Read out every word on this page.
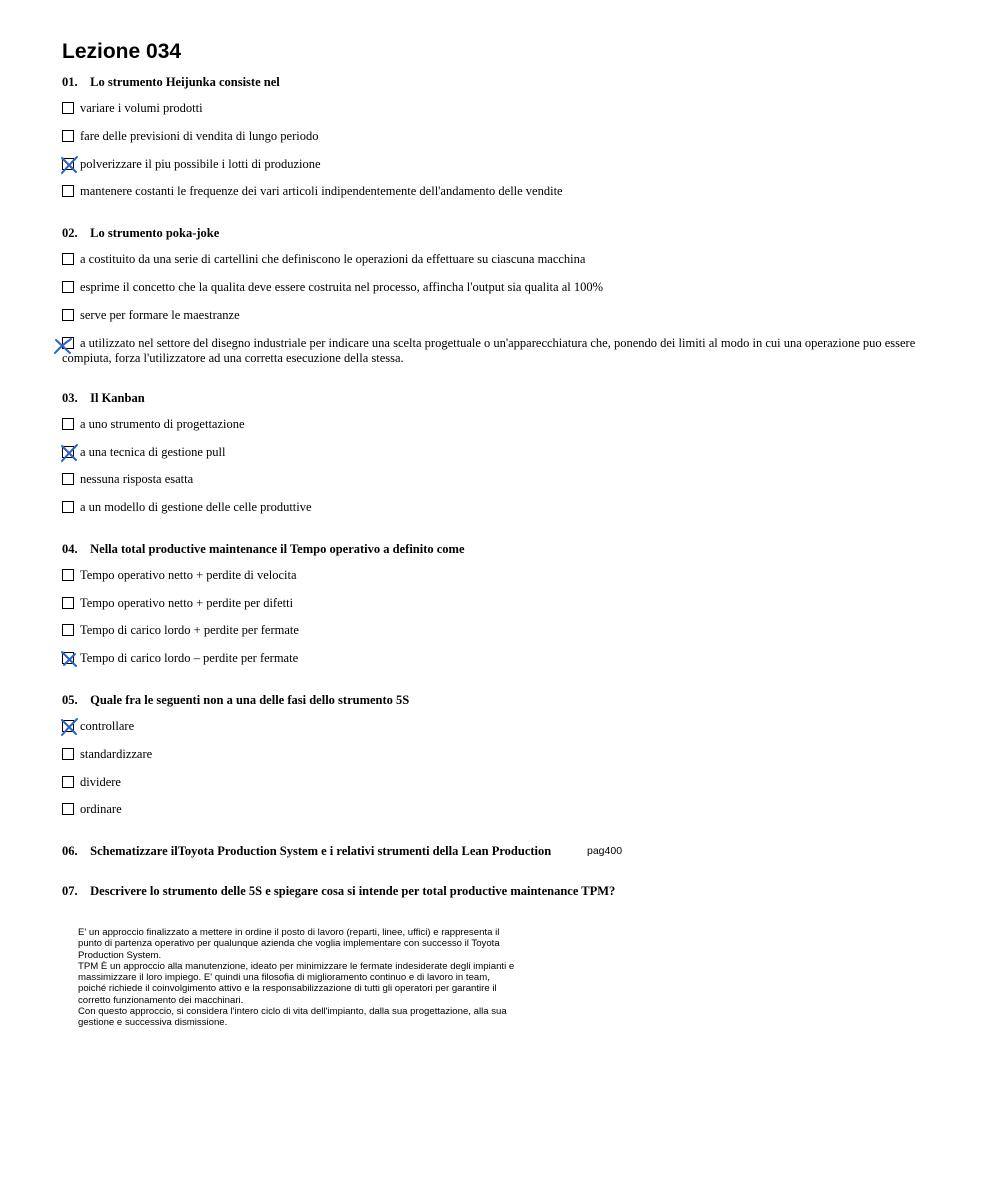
Lezione 034
01. Lo strumento Heijunka consiste nel
variare i volumi prodotti
fare delle previsioni di vendita di lungo periodo
polverizzare il piu possibile i lotti di produzione
mantenere costanti le frequenze dei vari articoli indipendentemente dell'andamento delle vendite
02. Lo strumento poka-joke
a costituito da una serie di cartellini che definiscono le operazioni da effettuare su ciascuna macchina
esprime il concetto che la qualita deve essere costruita nel processo, affincha l'output sia qualita al 100%
serve per formare le maestranze
a utilizzato nel settore del disegno industriale per indicare una scelta progettuale o un'apparecchiatura che, ponendo dei limiti al modo in cui una operazione puo essere compiuta, forza l'utilizzatore ad una corretta esecuzione della stessa.
03. Il Kanban
a uno strumento di progettazione
a una tecnica di gestione pull
nessuna risposta esatta
a un modello di gestione delle celle produttive
04. Nella total productive maintenance il Tempo operativo a definito come
Tempo operativo netto + perdite di velocita
Tempo operativo netto + perdite per difetti
Tempo di carico lordo + perdite per fermate
Tempo di carico lordo – perdite per fermate
05. Quale fra le seguenti non a una delle fasi dello strumento 5S
controllare
standardizzare
dividere
ordinare
06. Schematizzare ilToyota Production System e i relativi strumenti della Lean Production	pag400
07. Descrivere lo strumento delle 5S e spiegare cosa si intende per total productive maintenance TPM?

E' un approccio finalizzato a mettere in ordine il posto di lavoro (reparti, linee, uffici) e rappresenta il

punto di partenza operativo per qualunque azienda che voglia implementare con successo il Toyota

Production System.

TPM È un approccio alla manutenzione, ideato per minimizzare le fermate indesiderate degli impianti e

massimizzare il loro impiego. E' quindi una filosofia di miglioramento continuo e di lavoro in team,

poiché richiede il coinvolgimento attivo e la responsabilizzazione di tutti gli operatori per garantire il

corretto funzionamento dei macchinari.

Con questo approccio, si considera l'intero ciclo di vita dell'impianto, dalla sua progettazione, alla sua

gestione e successiva dismissione.
